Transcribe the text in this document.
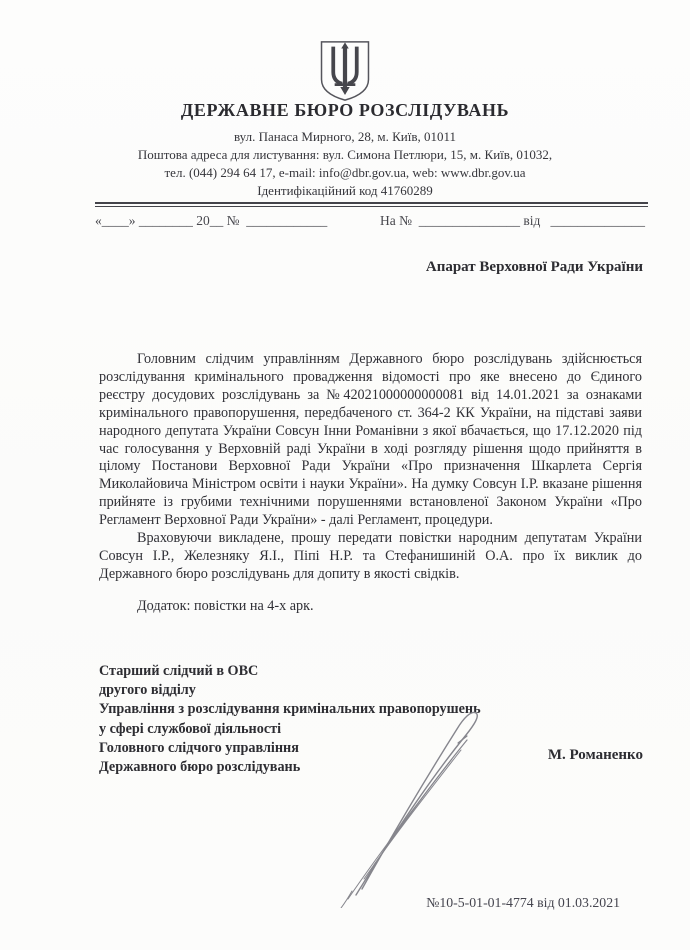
ДЕРЖАВНЕ БЮРО РОЗСЛІДУВАНЬ
вул. Панаса Мирного, 28, м. Київ, 01011
Поштова адреса для листування: вул. Симона Петлюри, 15, м. Київ, 01032,
тел. (044) 294 64 17, e-mail: info@dbr.gov.ua, web: www.dbr.gov.ua
Ідентифікаційний код 41760289
«____» ________ 20__ №  ____________	На №  _______________ від   ______________
Апарат Верховної Ради України

Головним слідчим управлінням Державного бюро розслідувань здійснюється розслідування кримінального провадження відомості про яке внесено до Єдиного реєстру досудових розслідувань за №42021000000000081 від 14.01.2021 за ознаками кримінального правопорушення, передбаченого ст. 364-2 КК України, на підставі заяви народного депутата України Совсун Інни Романівни з якої вбачається, що 17.12.2020 під час голосування у Верховній раді України в ході розгляду рішення щодо прийняття в цілому Постанови Верховної Ради України «Про призначення Шкарлета Сергія Миколайовича Міністром освіти і науки України». На думку Совсун І.Р. вказане рішення прийняте із грубими технічними порушеннями встановленої Законом України «Про Регламент Верховної Ради України» - далі Регламент, процедури.

Враховуючи викладене, прошу передати повістки народним депутатам України Совсун І.Р., Железняку Я.І., Піпі Н.Р. та Стефанишиній О.А. про їх виклик до Державного бюро розслідувань для допиту в якості свідків.

Додаток: повістки на 4-х арк.

Старший слідчий в ОВС
другого відділу
Управління з розслідування кримінальних правопорушень
у сфері службової діяльності
Головного слідчого управління
Державного бюро розслідувань
М. Романенко
№10-5-01-01-4774 від 01.03.2021
